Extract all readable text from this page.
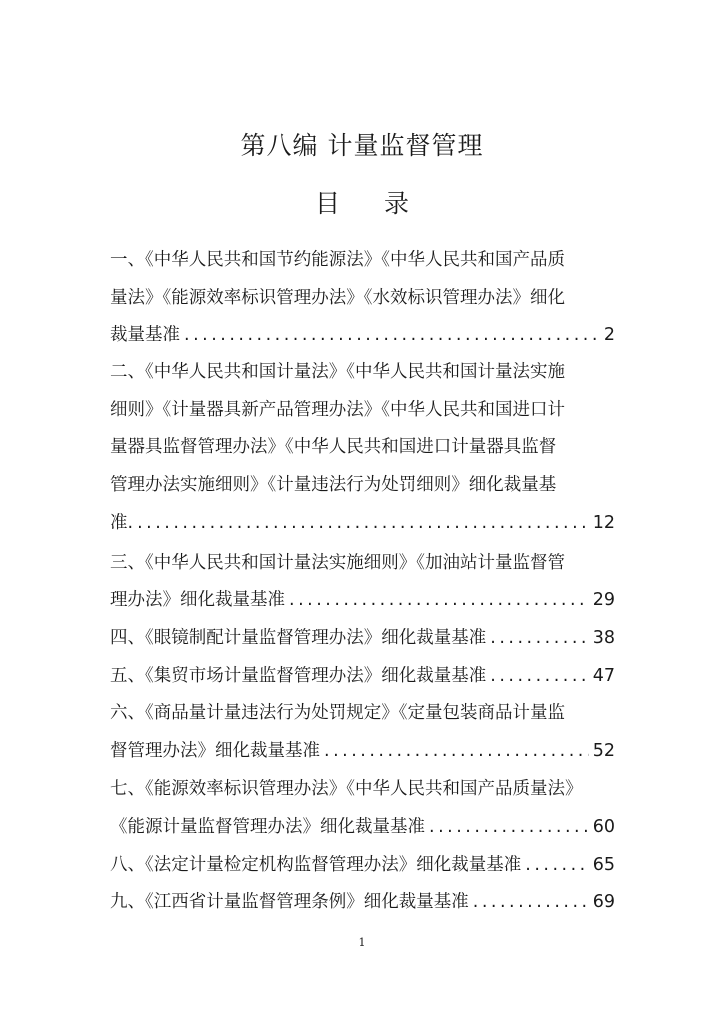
第八编 计量监督管理
目 录
一、《中华人民共和国节约能源法》《中华人民共和国产品质
量法》《能源效率标识管理办法》《水效标识管理办法》细化
裁量基准 .....	2
二、《中华人民共和国计量法》《中华人民共和国计量法实施
细则》《计量器具新产品管理办法》《中华人民共和国进口计
量器具监督管理办法》《中华人民共和国进口计量器具监督
管理办法实施细则》《计量违法行为处罚细则》细化裁量基
准. .....	12
三、《中华人民共和国计量法实施细则》《加油站计量监督管
理办法》细化裁量基准 .....	29
四、《眼镜制配计量监督管理办法》细化裁量基准 .....	38
五、《集贸市场计量监督管理办法》细化裁量基准 .....	47
六、《商品量计量违法行为处罚规定》《定量包装商品计量监
督管理办法》细化裁量基准 .....	52
七、《能源效率标识管理办法》《中华人民共和国产品质量法》
《能源计量监督管理办法》细化裁量基准 .....	60
八、《法定计量检定机构监督管理办法》细化裁量基准 .....	65
九、《江西省计量监督管理条例》细化裁量基准 .....	69
1
